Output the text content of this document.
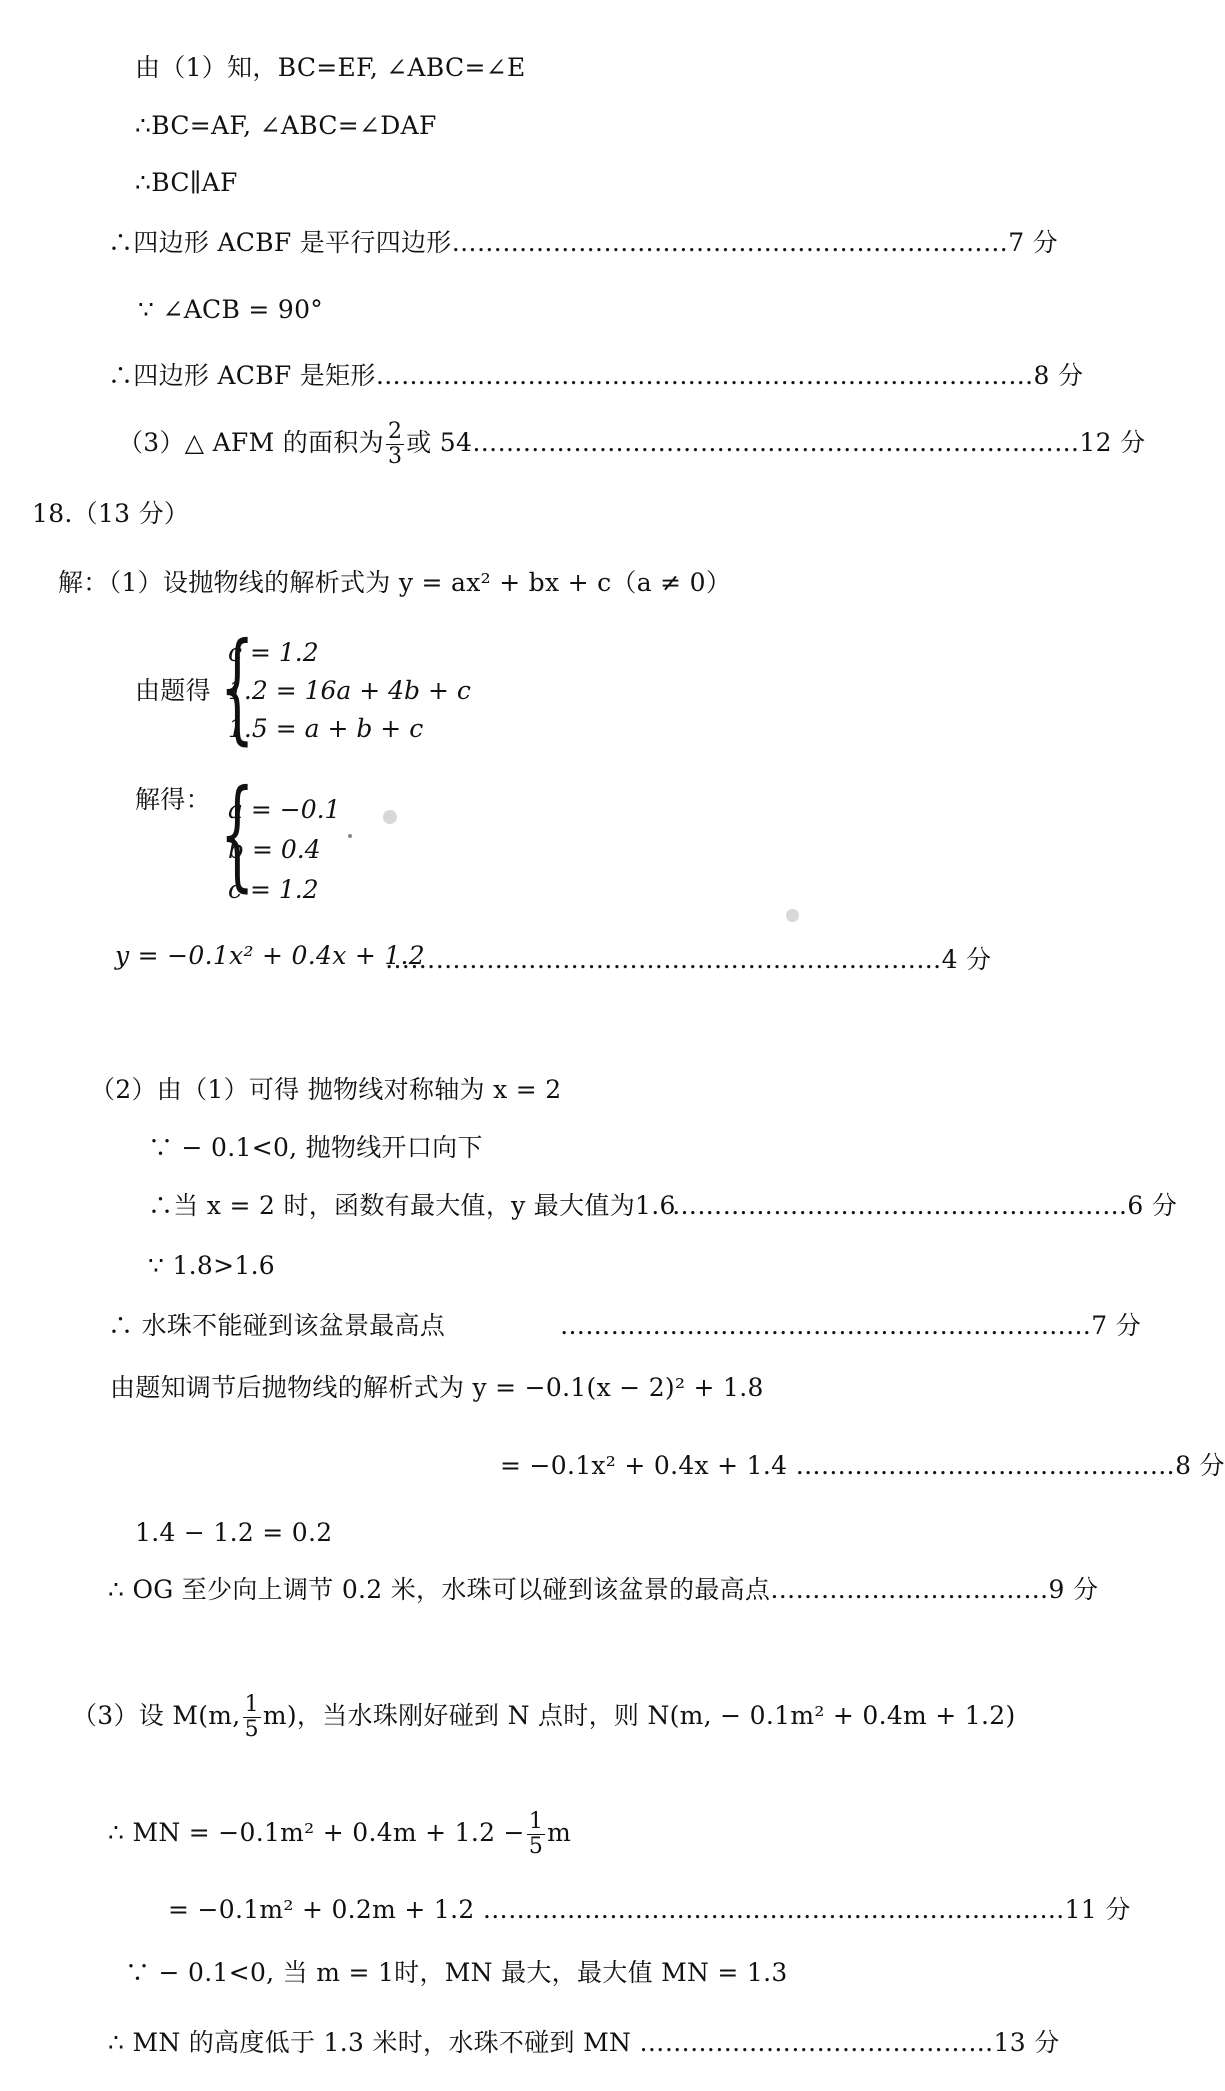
由（1）知，BC=EF, ∠ABC=∠E
∴BC=AF, ∠ABC=∠DAF
∴BC∥AF
∴四边形 ACBF 是平行四边形…………………………………………………………7 分
∵ ∠ACB = 90°
∴四边形 ACBF 是矩形……………………………………………………………………8 分
（3）△ AFM 的面积为 $\frac{2}{3}$ 或 54………………………………………………………………12 分
18.（13 分）
解：（1）设抛物线的解析式为 y = ax² + bx + c（a ≠ 0）
由题得 {
c = 1.2
1.2 = 16a + 4b + c
1.5 = a + b + c
解得： {
a = −0.1
b = 0.4
c = 1.2
y = −0.1x² + 0.4x + 1.2
…………………………………………………………4 分
（2）由（1）可得 抛物线对称轴为 x = 2
∵ − 0.1<0, 抛物线开口向下
∴当 x = 2 时，函数有最大值，y 最大值为1.6
………………………………………………6 分
∵ 1.8>1.6
∴ 水珠不能碰到该盆景最高点	………………………………………………………7 分
由题知调节后抛物线的解析式为 y = −0.1(x − 2)² + 1.8
= −0.1x² + 0.4x + 1.4 ………………………………………8 分
1.4 − 1.2 = 0.2
∴ OG 至少向上调节 0.2 米，水珠可以碰到该盆景的最高点……………………………9 分
（3）设 M(m, $\frac{1}{5} m$)，当水珠刚好碰到 N 点时，则 N(m, − 0.1m² + 0.4m + 1.2)
∴ MN = $-0.1m^2 + 0.4m + 1.2 - \frac{1}{5}$ m
= −0.1m² + 0.2m + 1.2 ……………………………………………………………11 分
∵ − 0.1<0, 当 m = 1时，MN 最大，最大值 MN = 1.3
∴ MN 的高度低于 1.3 米时，水珠不碰到 MN ……………………………………13 分
